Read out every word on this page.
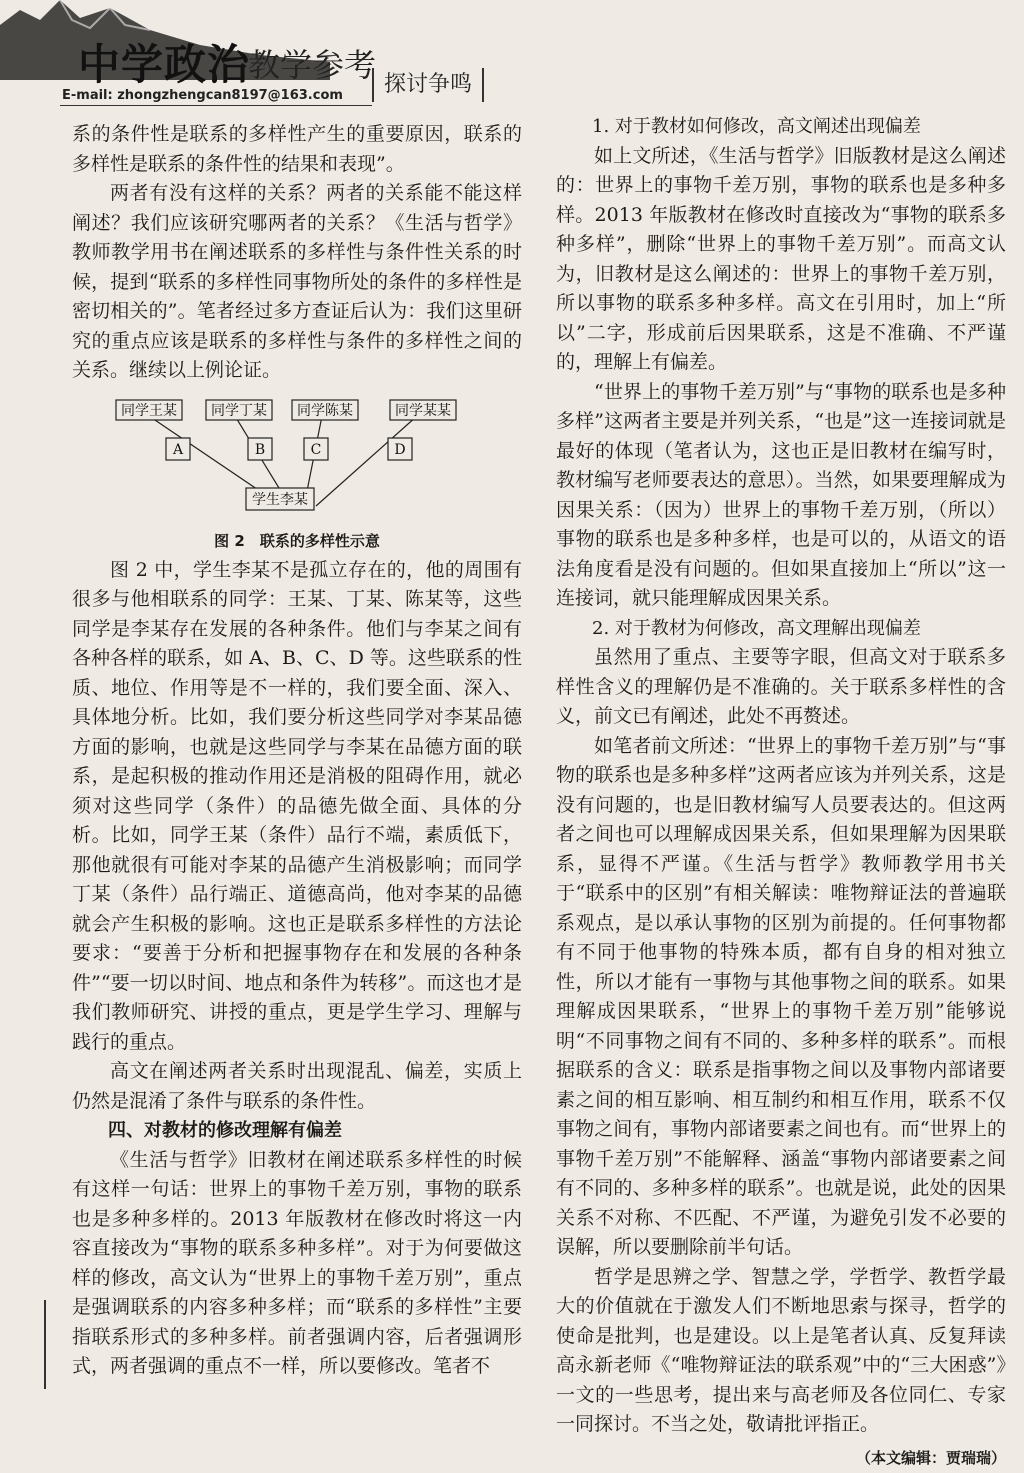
中学政治
教学参考
E-mail: zhongzhengcan8197@163.com	探讨争鸣

系的条件性是联系的多样性产生的重要原因，联系的多样性是联系的条件性的结果和表现”。

两者有没有这样的关系？两者的关系能不能这样阐述？我们应该研究哪两者的关系？《生活与哲学》教师教学用书在阐述联系的多样性与条件性关系的时候，提到“联系的多样性同事物所处的条件的多样性是密切相关的”。笔者经过多方查证后认为：我们这里研究的重点应该是联系的多样性与条件的多样性之间的关系。继续以上例论证。

同学王某 同学丁某 同学陈某	同学某某
A	B	C	D
学生李某
图 2　联系的多样性示意

图 2 中，学生李某不是孤立存在的，他的周围有很多与他相联系的同学：王某、丁某、陈某等，这些同学是李某存在发展的各种条件。他们与李某之间有各种各样的联系，如 A、B、C、D 等。这些联系的性质、地位、作用等是不一样的，我们要全面、深入、具体地分析。比如，我们要分析这些同学对李某品德方面的影响，也就是这些同学与李某在品德方面的联系，是起积极的推动作用还是消极的阻碍作用，就必须对这些同学（条件）的品德先做全面、具体的分析。比如，同学王某（条件）品行不端，素质低下，那他就很有可能对李某的品德产生消极影响；而同学丁某（条件）品行端正、道德高尚，他对李某的品德就会产生积极的影响。这也正是联系多样性的方法论要求：“要善于分析和把握事物存在和发展的各种条件”“要一切以时间、地点和条件为转移”。而这也才是我们教师研究、讲授的重点，更是学生学习、理解与践行的重点。

高文在阐述两者关系时出现混乱、偏差，实质上仍然是混淆了条件与联系的条件性。

四、对教材的修改理解有偏差

《生活与哲学》旧教材在阐述联系多样性的时候有这样一句话：世界上的事物千差万别，事物的联系也是多种多样的。2013 年版教材在修改时将这一内容直接改为“事物的联系多种多样”。对于为何要做这样的修改，高文认为“世界上的事物千差万别”，重点是强调联系的内容多种多样；而“联系的多样性”主要指联系形式的多种多样。前者强调内容，后者强调形式，两者强调的重点不一样，所以要修改。笔者不

1. 对于教材如何修改，高文阐述出现偏差

如上文所述，《生活与哲学》旧版教材是这么阐述的：世界上的事物千差万别，事物的联系也是多种多样。2013 年版教材在修改时直接改为“事物的联系多种多样”，删除“世界上的事物千差万别”。而高文认为，旧教材是这么阐述的：世界上的事物千差万别，所以事物的联系多种多样。高文在引用时，加上“所以”二字，形成前后因果联系，这是不准确、不严谨的，理解上有偏差。

“世界上的事物千差万别”与“事物的联系也是多种多样”这两者主要是并列关系，“也是”这一连接词就是最好的体现（笔者认为，这也正是旧教材在编写时，教材编写老师要表达的意思）。当然，如果要理解成为因果关系：（因为）世界上的事物千差万别，（所以）事物的联系也是多种多样，也是可以的，从语文的语法角度看是没有问题的。但如果直接加上“所以”这一连接词，就只能理解成因果关系。

2. 对于教材为何修改，高文理解出现偏差

虽然用了重点、主要等字眼，但高文对于联系多样性含义的理解仍是不准确的。关于联系多样性的含义，前文已有阐述，此处不再赘述。

如笔者前文所述：“世界上的事物千差万别”与“事物的联系也是多种多样”这两者应该为并列关系，这是没有问题的，也是旧教材编写人员要表达的。但这两者之间也可以理解成因果关系，但如果理解为因果联系，显得不严谨。《生活与哲学》教师教学用书关于“联系中的区别”有相关解读：唯物辩证法的普遍联系观点，是以承认事物的区别为前提的。任何事物都有不同于他事物的特殊本质，都有自身的相对独立性，所以才能有一事物与其他事物之间的联系。如果理解成因果联系，“世界上的事物千差万别”能够说明“不同事物之间有不同的、多种多样的联系”。而根据联系的含义：联系是指事物之间以及事物内部诸要素之间的相互影响、相互制约和相互作用，联系不仅事物之间有，事物内部诸要素之间也有。而“世界上的事物千差万别”不能解释、涵盖“事物内部诸要素之间有不同的、多种多样的联系”。也就是说，此处的因果关系不对称、不匹配、不严谨，为避免引发不必要的误解，所以要删除前半句话。

哲学是思辨之学、智慧之学，学哲学、教哲学最大的价值就在于激发人们不断地思索与探寻，哲学的使命是批判，也是建设。以上是笔者认真、反复拜读高永新老师《“唯物辩证法的联系观”中的“三大困惑”》一文的一些思考，提出来与高老师及各位同仁、专家一同探讨。不当之处，敬请批评指正。

（本文编辑：贾瑞瑞）
